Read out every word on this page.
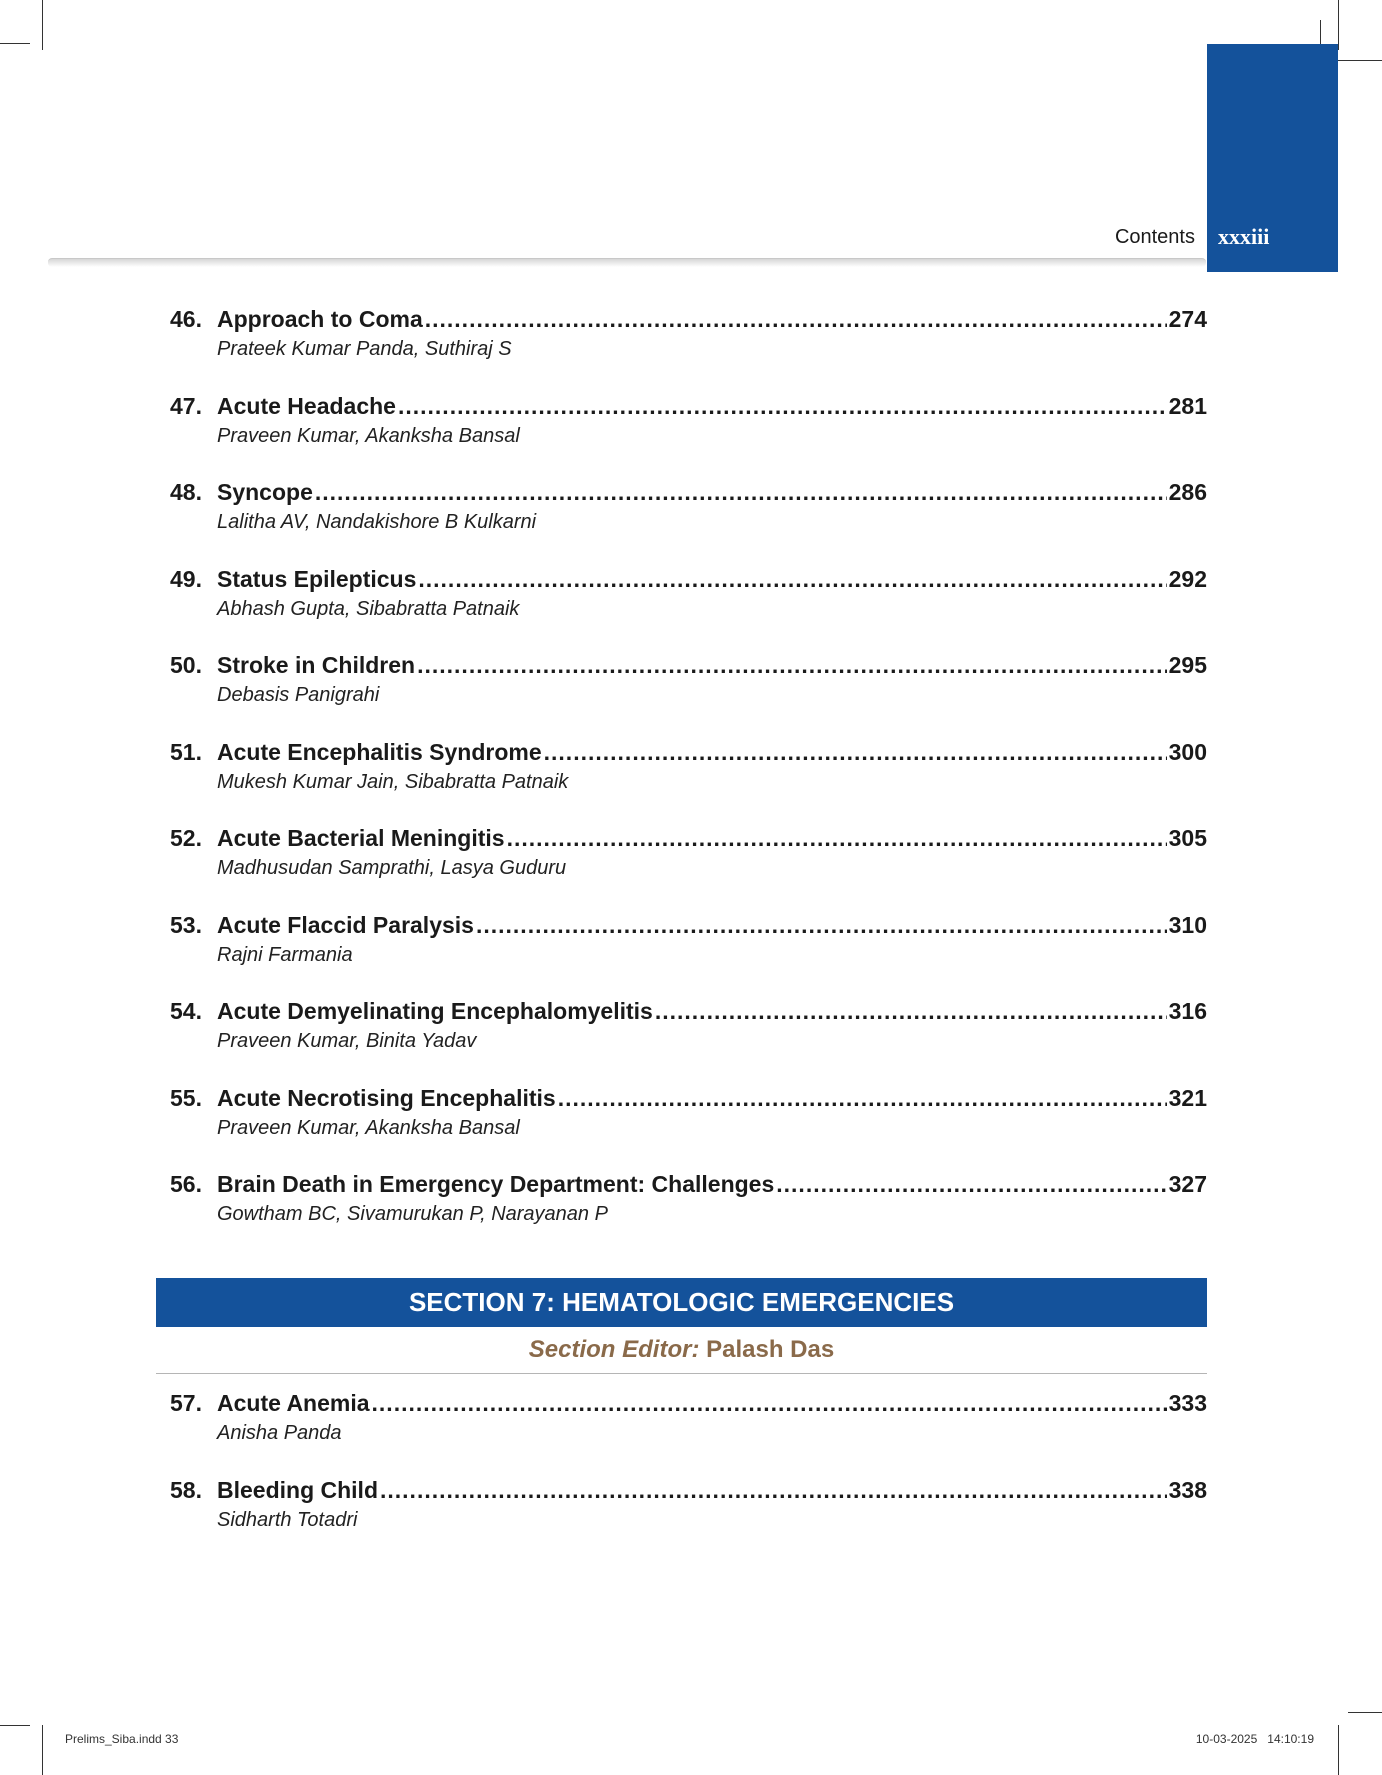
Contents xxxiii
46. Approach to Coma .....	274
Prateek Kumar Panda, Suthiraj S
47. Acute Headache .....	281
Praveen Kumar, Akanksha Bansal
48. Syncope .....	286
Lalitha AV, Nandakishore B Kulkarni
49. Status Epilepticus .....	292
Abhash Gupta, Sibabratta Patnaik
50. Stroke in Children .....	295
Debasis Panigrahi
51. Acute Encephalitis Syndrome .....	300
Mukesh Kumar Jain, Sibabratta Patnaik
52. Acute Bacterial Meningitis .....	305
Madhusudan Samprathi, Lasya Guduru
53. Acute Flaccid Paralysis .....	310
Rajni Farmania
54. Acute Demyelinating Encephalomyelitis .....	316
Praveen Kumar, Binita Yadav
55. Acute Necrotising Encephalitis .....	321
Praveen Kumar, Akanksha Bansal
56. Brain Death in Emergency Department: Challenges .....	327
Gowtham BC, Sivamurukan P, Narayanan P
57. Acute Anemia .....	333
Anisha Panda
58. Bleeding Child .....	338
Sidharth Totadri
SECTION 7: HEMATOLOGIC EMERGENCIES
Section Editor: Palash Das
Prelims_Siba.indd 33	10-03-2025 14:10:19
